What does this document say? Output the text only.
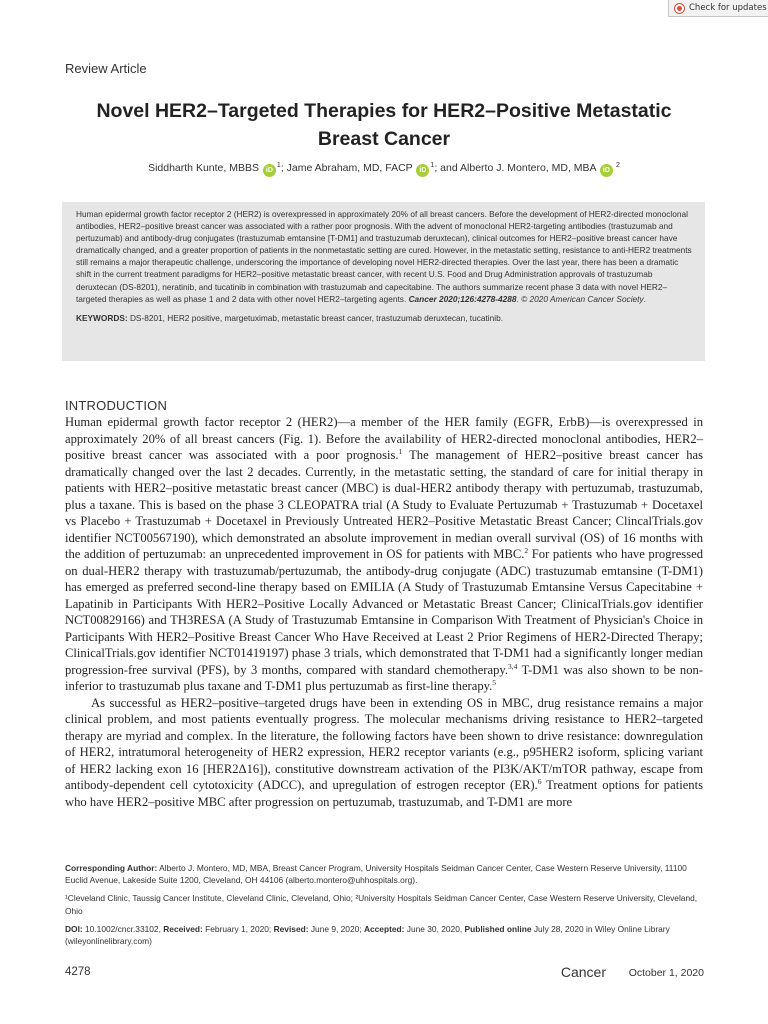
Check for updates
Review Article
Novel HER2–Targeted Therapies for HER2–Positive Metastatic
Breast Cancer
Siddharth Kunte, MBBS $iD^1$; Jame Abraham, MD, FACP $iD^1$; and Alberto J. Montero, MD, MBA iD $^2$

Human epidermal growth factor receptor 2 (HER2) is overexpressed in approximately 20% of all breast cancers. Before the development of HER2-directed monoclonal antibodies, HER2–positive breast cancer was associated with a rather poor prognosis. With the advent of monoclonal HER2-targeting antibodies (trastuzumab and pertuzumab) and antibody-drug conjugates (trastuzumab emtansine [T-DM1] and trastuzumab deruxtecan), clinical outcomes for HER2–positive breast cancer have dramatically changed, and a greater proportion of patients in the nonmetastatic setting are cured. However, in the metastatic setting, resistance to anti-HER2 treatments still remains a major therapeutic challenge, underscoring the importance of developing novel HER2-directed therapies. Over the last year, there has been a dramatic shift in the current treatment paradigms for HER2–positive metastatic breast cancer, with recent U.S. Food and Drug Administration approvals of trastuzumab deruxtecan (DS-8201), neratinib, and tucatinib in combination with trastuzumab and capecitabine. The authors summarize recent phase 3 data with novel HER2–targeted therapies as well as phase 1 and 2 data with other novel HER2–targeting agents. Cancer 2020;126:4278-4288. © 2020 American Cancer Society.

KEYWORDS: DS-8201, HER2 positive, margetuximab, metastatic breast cancer, trastuzumab deruxtecan, tucatinib.

INTRODUCTION

Human epidermal growth factor receptor 2 (HER2)—a member of the HER family (EGFR, ErbB)—is overexpressed in approximately 20% of all breast cancers (Fig. 1). Before the availability of HER2-directed monoclonal antibodies, HER2–positive breast cancer was associated with a poor prognosis.$^1$ The management of HER2–positive breast cancer has dramatically changed over the last 2 decades. Currently, in the metastatic setting, the standard of care for initial therapy in patients with HER2–positive metastatic breast cancer (MBC) is dual-HER2 antibody therapy with pertuzumab, trastuzumab, plus a taxane. This is based on the phase 3 CLEOPATRA trial (A Study to Evaluate Pertuzumab + Trastuzumab + Docetaxel vs Placebo + Trastuzumab + Docetaxel in Previously Untreated HER2–Positive Metastatic Breast Cancer; ClincalTrials.gov identifier NCT00567190), which demonstrated an absolute improvement in median overall survival (OS) of 16 months with the addition of pertuzumab: an unprecedented improvement in OS for patients with MBC.$^2$ For patients who have progressed on dual-HER2 therapy with trastuzumab/pertuzumab, the antibody-drug conjugate (ADC) trastuzumab emtansine (T-DM1) has emerged as preferred second-line therapy based on EMILIA (A Study of Trastuzumab Emtansine Versus Capecitabine + Lapatinib in Participants With HER2–Positive Locally Advanced or Metastatic Breast Cancer; ClinicalTrials.gov identifier NCT00829166) and TH3RESA (A Study of Trastuzumab Emtansine in Comparison With Treatment of Physician's Choice in Participants With HER2–Positive Breast Cancer Who Have Received at Least 2 Prior Regimens of HER2-Directed Therapy; ClinicalTrials.gov identifier NCT01419197) phase 3 trials, which demonstrated that T-DM1 had a significantly longer median progression-free survival (PFS), by 3 months, compared with standard chemotherapy.$^{3,4}$ T-DM1 was also shown to be non-inferior to trastuzumab plus taxane and T-DM1 plus pertuzumab as first-line therapy.$^5$

As successful as HER2–positive–targeted drugs have been in extending OS in MBC, drug resistance remains a major clinical problem, and most patients eventually progress. The molecular mechanisms driving resistance to HER2–targeted therapy are myriad and complex. In the literature, the following factors have been shown to drive resistance: downregulation of HER2, intratumoral heterogeneity of HER2 expression, HER2 receptor variants (e.g., p95HER2 isoform, splicing variant of HER2 lacking exon 16 [HER2Δ16]), constitutive downstream activation of the PI3K/AKT/mTOR pathway, escape from antibody-dependent cell cytotoxicity (ADCC), and upregulation of estrogen receptor (ER).$^6$ Treatment options for patients who have HER2–positive MBC after progression on pertuzumab, trastuzumab, and T-DM1 are more

Corresponding Author: Alberto J. Montero, MD, MBA, Breast Cancer Program, University Hospitals Seidman Cancer Center, Case Western Reserve University, 11100 Euclid Avenue, Lakeside Suite 1200, Cleveland, OH 44106 (alberto.montero@uhhospitals.org).
¹Cleveland Clinic, Taussig Cancer Institute, Cleveland Clinic, Cleveland, Ohio; ²University Hospitals Seidman Cancer Center, Case Western Reserve University, Cleveland, Ohio
DOI: 10.1002/cncr.33102, Received: February 1, 2020; Revised: June 9, 2020; Accepted: June 30, 2020, Published online July 28, 2020 in Wiley Online Library (wileyonlinelibrary.com)
4278	Cancer October 1, 2020
